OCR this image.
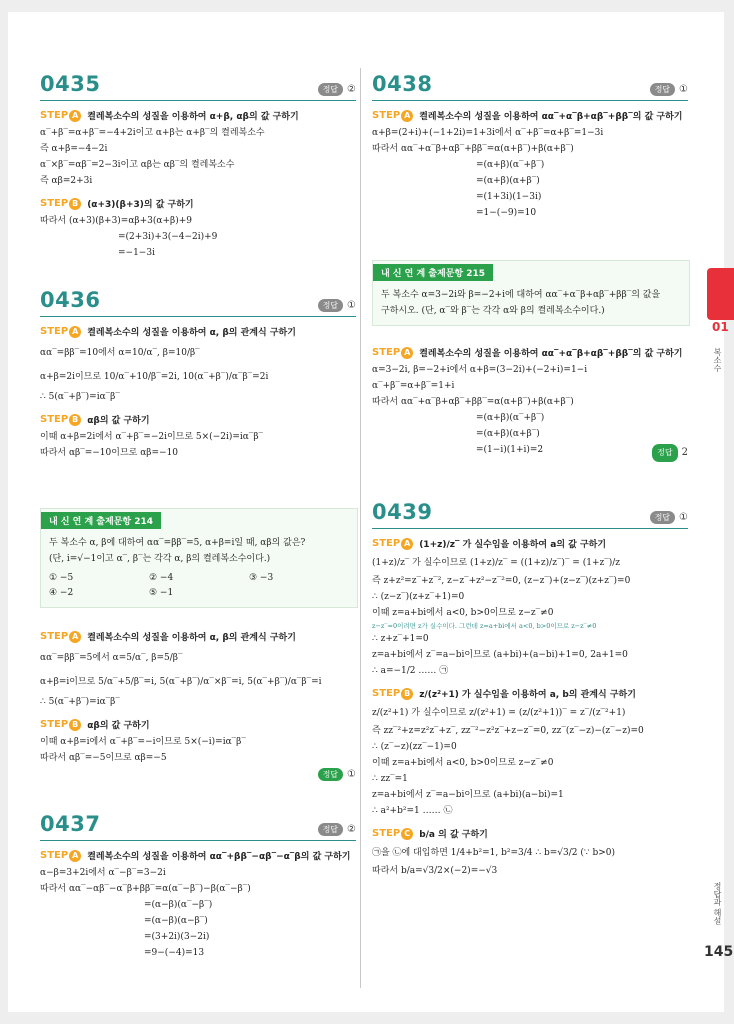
0435	정답 ②
STEP A 켤레복소수의 성질을 이용하여 α+β, αβ의 값 구하기
α‾+β‾=α+β‾=−4+2i이고 α+β는 α+β‾의 켤레복소수
즉 α+β=−4−2i
α‾×β‾=αβ‾=2−3i이고 αβ는 αβ‾의 켤레복소수
즉 αβ=2+3i
STEP B (α+3)(β+3)의 값 구하기
따라서 (α+3)(β+3)=αβ+3(α+β)+9
=(2+3i)+3(−4−2i)+9
=−1−3i
0436	정답 ①
STEP A 켤레복소수의 성질을 이용하여 α, β의 관계식 구하기
αα‾=ββ‾=10에서 α=10/α‾, β=10/β‾
α+β=2i이므로 10/α‾+10/β‾=2i, 10(α‾+β‾)/α‾β‾=2i
∴ 5(α‾+β‾)=iα‾β‾
STEP B αβ의 값 구하기
이때 α+β=2i에서 α‾+β‾=−2i이므로 5×(−2i)=iα‾β‾
따라서 αβ‾=−10이므로 αβ=−10
내 신 연 계 출제문항 214
두 복소수 α, β에 대하여 αα‾=ββ‾=5, α+β=i일 때, αβ의 값은?
(단, i=√−1이고 α‾, β‾는 각각 α, β의 켤레복소수이다.)
① −5	② −4	③ −3
④ −2	⑤ −1
STEP A 켤레복소수의 성질을 이용하여 α, β의 관계식 구하기
αα‾=ββ‾=5에서 α=5/α‾, β=5/β‾
α+β=i이므로 5/α‾+5/β‾=i, 5(α‾+β‾)/α‾×β‾=i, 5(α‾+β‾)/α‾β‾=i
∴ 5(α‾+β‾)=iα‾β‾
STEP B αβ의 값 구하기
이때 α+β=i에서 α‾+β‾=−i이므로 5×(−i)=iα‾β‾
따라서 αβ‾=−5이므로 αβ=−5
정답 ①
0437	정답 ②
STEP A 켤레복소수의 성질을 이용하여 αα‾+ββ‾−αβ‾−α‾β의 값 구하기
α−β=3+2i에서 α‾−β‾=3−2i
따라서 αα‾−αβ‾−α‾β+ββ‾=α(α‾−β‾)−β(α‾−β‾)
=(α−β)(α‾−β‾)
=(α−β)(α−β‾)
=(3+2i)(3−2i)
=9−(−4)=13
0438	정답 ①
STEP A 켤레복소수의 성질을 이용하여 αα‾+α‾β+αβ‾+ββ‾의 값 구하기
α+β=(2+i)+(−1+2i)=1+3i에서 α‾+β‾=α+β‾=1−3i
따라서 αα‾+α‾β+αβ‾+ββ‾=α(α+β‾)+β(α+β‾)
=(α+β)(α‾+β‾)
=(α+β)(α+β‾)
=(1+3i)(1−3i)
=1−(−9)=10
내 신 연 계 출제문항 215
두 복소수 α=3−2i와 β=−2+i에 대하여 αα‾+α‾β+αβ‾+ββ‾의 값을
구하시오. (단, α‾와 β‾는 각각 α와 β의 켤레복소수이다.)
STEP A 켤레복소수의 성질을 이용하여 αα‾+α‾β+αβ‾+ββ‾의 값 구하기
α=3−2i, β=−2+i에서 α+β=(3−2i)+(−2+i)=1−i
α‾+β‾=α+β‾=1+i
따라서 αα‾+α‾β+αβ‾+ββ‾=α(α+β‾)+β(α+β‾)
=(α+β)(α‾+β‾)
=(α+β)(α+β‾)
=(1−i)(1+i)=2	정답 2
0439	정답 ①
STEP A (1+z)/z‾ 가 실수임을 이용하여 a의 값 구하기
(1+z)/z‾ 가 실수이므로 (1+z)/z‾ = ((1+z)/z‾)‾ = (1+z‾)/z
즉 z+z²=z‾+z‾², z−z‾+z²−z‾²=0, (z−z‾)+(z−z‾)(z+z‾)=0
∴ (z−z‾)(z+z‾+1)=0
이때 z=a+bi에서 a<0, b>0이므로 z−z‾≠0
z−z‾=0이려면 z가 실수이다. 그런데 z=a+bi에서 a<0, b>0이므로 z−z‾≠0
∴ z+z‾+1=0
z=a+bi에서 z‾=a−bi이므로 (a+bi)+(a−bi)+1=0, 2a+1=0
∴ a=−1/2 …… ㉠
STEP B z/(z²+1) 가 실수임을 이용하여 a, b의 관계식 구하기
z/(z²+1) 가 실수이므로 z/(z²+1) = (z/(z²+1))‾ = z‾/(z‾²+1)
즉 zz‾²+z=z²z‾+z‾, zz‾²−z²z‾+z−z‾=0, zz‾(z‾−z)−(z‾−z)=0
∴ (z‾−z)(zz‾−1)=0
이때 z=a+bi에서 a<0, b>0이므로 z−z‾≠0
∴ zz‾=1
z=a+bi에서 z‾=a−bi이므로 (a+bi)(a−bi)=1
∴ a²+b²=1 …… ㉡
STEP C	b/a 의 값 구하기
㉠을 ㉡에 대입하면 1/4+b²=1, b²=3/4 ∴ b=√3/2 (∵ b>0)
따라서 b/a=√3/2×(−2)=−√3
01
복소수
정답과 해설
145
